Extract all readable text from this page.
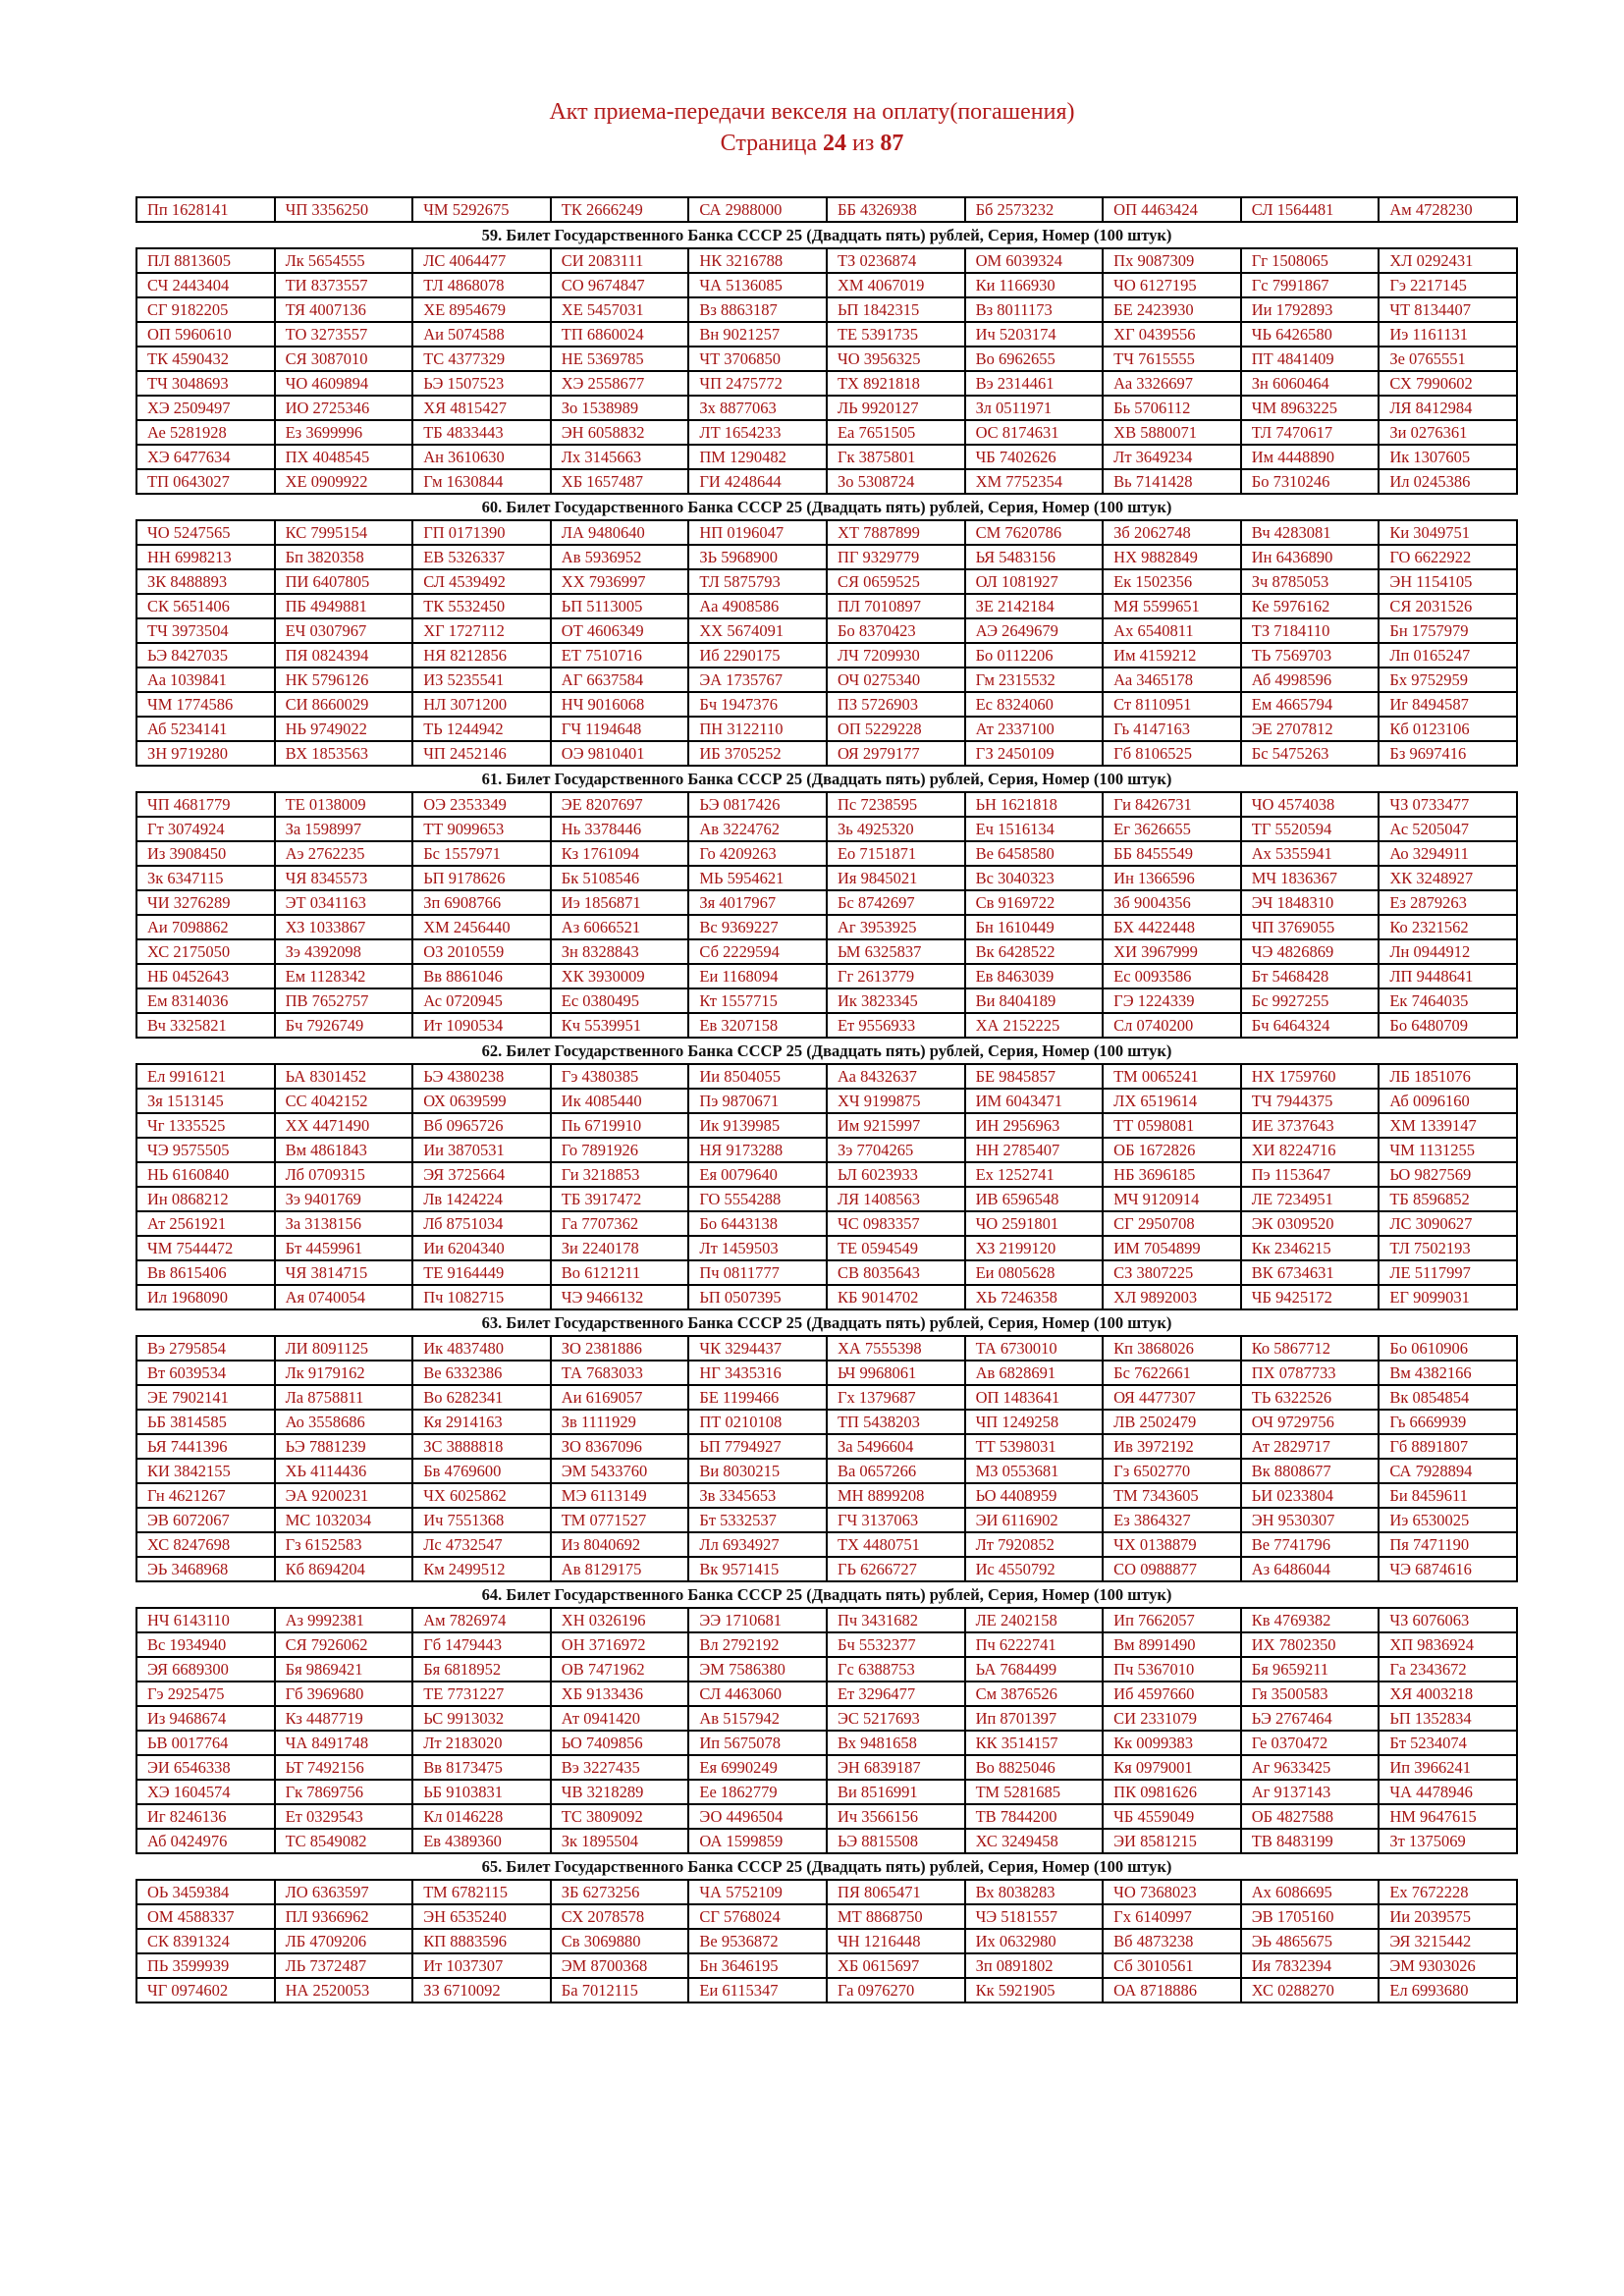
Акт приема-передачи векселя на оплату(погашения)
Страница 24 из 87
Пп 1628141	ЧП 3356250	ЧМ 5292675	ТК 2666249	СА 2988000	ББ 4326938	Бб 2573232	ОП 4463424	СЛ 1564481	Ам 4728230
59. Билет Государственного Банка СССР 25 (Двадцать пять) рублей, Серия, Номер (100 штук)
ПЛ 8813605	Лк 5654555	ЛС 4064477	СИ 2083111	НК 3216788	ТЗ 0236874	ОМ 6039324	Пх 9087309	Гг 1508065	ХЛ 0292431
СЧ 2443404	ТИ 8373557	ТЛ 4868078	СО 9674847	ЧА 5136085	ХМ 4067019	Ки 1166930	ЧО 6127195	Гс 7991867	Гэ 2217145
СГ 9182205	ТЯ 4007136	ХЕ 8954679	ХЕ 5457031	Вз 8863187	ЬП 1842315	Вз 8011173	БЕ 2423930	Ии 1792893	ЧТ 8134407
ОП 5960610	ТО 3273557	Аи 5074588	ТП 6860024	Вн 9021257	ТЕ 5391735	Ич 5203174	ХГ 0439556	ЧЬ 6426580	Иэ 1161131
ТК 4590432	СЯ 3087010	ТС 4377329	НЕ 5369785	ЧТ 3706850	ЧО 3956325	Во 6962655	ТЧ 7615555	ПТ 4841409	Зе 0765551
ТЧ 3048693	ЧО 4609894	ЬЭ 1507523	ХЭ 2558677	ЧП 2475772	ТХ 8921818	Вэ 2314461	Аа 3326697	Зн 6060464	СХ 7990602
ХЭ 2509497	ИО 2725346	ХЯ 4815427	Зо 1538989	Зх 8877063	ЛЬ 9920127	Зл 0511971	Бь 5706112	ЧМ 8963225	ЛЯ 8412984
Ае 5281928	Ез 3699996	ТБ 4833443	ЭН 6058832	ЛТ 1654233	Еа 7651505	ОС 8174631	ХВ 5880071	ТЛ 7470617	Зи 0276361
ХЭ 6477634	ПХ 4048545	Ан 3610630	Лх 3145663	ПМ 1290482	Гк 3875801	ЧБ 7402626	Лт 3649234	Им 4448890	Ик 1307605
ТП 0643027	ХЕ 0909922	Гм 1630844	ХБ 1657487	ГИ 4248644	Зо 5308724	ХМ 7752354	Вь 7141428	Бо 7310246	Ил 0245386
60. Билет Государственного Банка СССР 25 (Двадцать пять) рублей, Серия, Номер (100 штук)
ЧО 5247565	КС 7995154	ГП 0171390	ЛА 9480640	НП 0196047	ХТ 7887899	СМ 7620786	Зб 2062748	Вч 4283081	Ки 3049751
НН 6998213	Бп 3820358	ЕВ 5326337	Ав 5936952	ЗЬ 5968900	ПГ 9329779	ЬЯ 5483156	НХ 9882849	Ин 6436890	ГО 6622922
ЗК 8488893	ПИ 6407805	СЛ 4539492	ХХ 7936997	ТЛ 5875793	СЯ 0659525	ОЛ 1081927	Ек 1502356	Зч 8785053	ЭН 1154105
СК 5651406	ПБ 4949881	ТК 5532450	ЬП 5113005	Аа 4908586	ПЛ 7010897	ЗЕ 2142184	МЯ 5599651	Ке 5976162	СЯ 2031526
ТЧ 3973504	ЕЧ 0307967	ХГ 1727112	ОТ 4606349	ХХ 5674091	Бо 8370423	АЭ 2649679	Ах 6540811	ТЗ 7184110	Бн 1757979
ЬЭ 8427035	ПЯ 0824394	НЯ 8212856	ЕТ 7510716	Иб 2290175	ЛЧ 7209930	Бо 0112206	Им 4159212	ТЬ 7569703	Лп 0165247
Аа 1039841	НК 5796126	ИЗ 5235541	АГ 6637584	ЭА 1735767	ОЧ 0275340	Гм 2315532	Аа 3465178	Аб 4998596	Бх 9752959
ЧМ 1774586	СИ 8660029	НЛ 3071200	НЧ 9016068	Бч 1947376	ПЗ 5726903	Ес 8324060	Ст 8110951	Ем 4665794	Иг 8494587
Аб 5234141	НЬ 9749022	ТЬ 1244942	ГЧ 1194648	ПН 3122110	ОП 5229228	Ат 2337100	Гь 4147163	ЭЕ 2707812	Кб 0123106
ЗН 9719280	ВХ 1853563	ЧП 2452146	ОЭ 9810401	ИБ 3705252	ОЯ 2979177	ГЗ 2450109	Гб 8106525	Бс 5475263	Бз 9697416
61. Билет Государственного Банка СССР 25 (Двадцать пять) рублей, Серия, Номер (100 штук)
ЧП 4681779	ТЕ 0138009	ОЭ 2353349	ЭЕ 8207697	ЬЭ 0817426	Пс 7238595	ЬН 1621818	Ги 8426731	ЧО 4574038	ЧЗ 0733477
Гт 3074924	За 1598997	ТТ 9099653	Нь 3378446	Ав 3224762	Зь 4925320	Еч 1516134	Ег 3626655	ТГ 5520594	Ас 5205047
Из 3908450	Аэ 2762235	Бс 1557971	Кз 1761094	Го 4209263	Ео 7151871	Ве 6458580	ББ 8455549	Ах 5355941	Ао 3294911
Зк 6347115	ЧЯ 8345573	ЬП 9178626	Бк 5108546	МЬ 5954621	Ия 9845021	Вс 3040323	Ин 1366596	МЧ 1836367	ХК 3248927
ЧИ 3276289	ЭТ 0341163	Зп 6908766	Иэ 1856871	Зя 4017967	Бс 8742697	Св 9169722	Зб 9004356	ЭЧ 1848310	Ез 2879263
Аи 7098862	ХЗ 1033867	ХМ 2456440	Аз 6066521	Вс 9369227	Аг 3953925	Бн 1610449	БХ 4422448	ЧП 3769055	Ко 2321562
ХС 2175050	Зэ 4392098	ОЗ 2010559	Зн 8328843	Сб 2229594	ЬМ 6325837	Вк 6428522	ХИ 3967999	ЧЭ 4826869	Лн 0944912
НБ 0452643	Ем 1128342	Вв 8861046	ХК 3930009	Еи 1168094	Гг 2613779	Ев 8463039	Ес 0093586	Бт 5468428	ЛП 9448641
Ем 8314036	ПВ 7652757	Ас 0720945	Ес 0380495	Кт 1557715	Ик 3823345	Ви 8404189	ГЭ 1224339	Бс 9927255	Ек 7464035
Вч 3325821	Бч 7926749	Ит 1090534	Кч 5539951	Ев 3207158	Ет 9556933	ХА 2152225	Сл 0740200	Бч 6464324	Бо 6480709
62. Билет Государственного Банка СССР 25 (Двадцать пять) рублей, Серия, Номер (100 штук)
Ел 9916121	ЬА 8301452	ЬЭ 4380238	Гэ 4380385	Ии 8504055	Аа 8432637	БЕ 9845857	ТМ 0065241	НХ 1759760	ЛБ 1851076
Зя 1513145	СС 4042152	ОХ 0639599	Ик 4085440	Пэ 9870671	ХЧ 9199875	ИМ 6043471	ЛХ 6519614	ТЧ 7944375	Аб 0096160
Чг 1335525	ХХ 4471490	Вб 0965726	Пь 6719910	Ик 9139985	Им 9215997	ИН 2956963	ТТ 0598081	ИЕ 3737643	ХМ 1339147
ЧЭ 9575505	Вм 4861843	Ии 3870531	Го 7891926	НЯ 9173288	Зэ 7704265	НН 2785407	ОБ 1672826	ХИ 8224716	ЧМ 1131255
НЬ 6160840	Лб 0709315	ЭЯ 3725664	Ги 3218853	Ея 0079640	ЬЛ 6023933	Ех 1252741	НБ 3696185	Пэ 1153647	ЬО 9827569
Ин 0868212	Зэ 9401769	Лв 1424224	ТБ 3917472	ГО 5554288	ЛЯ 1408563	ИВ 6596548	МЧ 9120914	ЛЕ 7234951	ТБ 8596852
Ат 2561921	За 3138156	Лб 8751034	Га 7707362	Бо 6443138	ЧС 0983357	ЧО 2591801	СГ 2950708	ЭК 0309520	ЛС 3090627
ЧМ 7544472	Бт 4459961	Ии 6204340	Зи 2240178	Лт 1459503	ТЕ 0594549	ХЗ 2199120	ИМ 7054899	Кк 2346215	ТЛ 7502193
Вв 8615406	ЧЯ 3814715	ТЕ 9164449	Во 6121211	Пч 0811777	СВ 8035643	Еи 0805628	СЗ 3807225	ВК 6734631	ЛЕ 5117997
Ил 1968090	Ая 0740054	Пч 1082715	ЧЭ 9466132	ЬП 0507395	КБ 9014702	ХЬ 7246358	ХЛ 9892003	ЧБ 9425172	ЕГ 9099031
63. Билет Государственного Банка СССР 25 (Двадцать пять) рублей, Серия, Номер (100 штук)
Вэ 2795854	ЛИ 8091125	Ик 4837480	ЗО 2381886	ЧК 3294437	ХА 7555398	ТА 6730010	Кп 3868026	Ко 5867712	Бо 0610906
Вт 6039534	Лк 9179162	Ве 6332386	ТА 7683033	НГ 3435316	ЬЧ 9968061	Ав 6828691	Бс 7622661	ПХ 0787733	Вм 4382166
ЭЕ 7902141	Ла 8758811	Во 6282341	Аи 6169057	БЕ 1199466	Гх 1379687	ОП 1483641	ОЯ 4477307	ТЬ 6322526	Вк 0854854
ЬБ 3814585	Ао 3558686	Кя 2914163	Зв 1111929	ПТ 0210108	ТП 5438203	ЧП 1249258	ЛВ 2502479	ОЧ 9729756	Гь 6669939
ЬЯ 7441396	ЬЭ 7881239	ЗС 3888818	ЗО 8367096	ЬП 7794927	За 5496604	ТТ 5398031	Ив 3972192	Ат 2829717	Гб 8891807
КИ 3842155	ХЬ 4114436	Бв 4769600	ЭМ 5433760	Ви 8030215	Ва 0657266	МЗ 0553681	Гз 6502770	Вк 8808677	СА 7928894
Гн 4621267	ЭА 9200231	ЧХ 6025862	МЭ 6113149	Зв 3345653	МН 8899208	ЬО 4408959	ТМ 7343605	ЬИ 0233804	Би 8459611
ЭВ 6072067	МС 1032034	Ич 7551368	ТМ 0771527	Бт 5332537	ГЧ 3137063	ЭИ 6116902	Ез 3864327	ЭН 9530307	Иэ 6530025
ХС 8247698	Гз 6152583	Лс 4732547	Из 8040692	Лл 6934927	ТХ 4480751	Лт 7920852	ЧХ 0138879	Ве 7741796	Пя 7471190
ЭЬ 3468968	Кб 8694204	Км 2499512	Ав 8129175	Вк 9571415	ГЬ 6266727	Ис 4550792	СО 0988877	Аз 6486044	ЧЭ 6874616
64. Билет Государственного Банка СССР 25 (Двадцать пять) рублей, Серия, Номер (100 штук)
НЧ 6143110	Аз 9992381	Ам 7826974	ХН 0326196	ЭЭ 1710681	Пч 3431682	ЛЕ 2402158	Ип 7662057	Кв 4769382	ЧЗ 6076063
Вс 1934940	СЯ 7926062	Гб 1479443	ОН 3716972	Вл 2792192	Бч 5532377	Пч 6222741	Вм 8991490	ИХ 7802350	ХП 9836924
ЭЯ 6689300	Бя 9869421	Бя 6818952	ОВ 7471962	ЭМ 7586380	Гс 6388753	ЬА 7684499	Пч 5367010	Бя 9659211	Га 2343672
Гэ 2925475	Гб 3969680	ТЕ 7731227	ХБ 9133436	СЛ 4463060	Ет 3296477	См 3876526	Иб 4597660	Гя 3500583	ХЯ 4003218
Из 9468674	Кз 4487719	ЬС 9913032	Ат 0941420	Ав 5157942	ЭС 5217693	Ип 8701397	СИ 2331079	ЬЭ 2767464	ЬП 1352834
ЬВ 0017764	ЧА 8491748	Лт 2183020	ЬО 7409856	Ип 5675078	Вх 9481658	КК 3514157	Кк 0099383	Ге 0370472	Бт 5234074
ЭИ 6546338	ЬТ 7492156	Вв 8173475	Вэ 3227435	Ея 6990249	ЭН 6839187	Во 8825046	Кя 0979001	Аг 9633425	Ип 3966241
ХЭ 1604574	Гк 7869756	ЬБ 9103831	ЧВ 3218289	Ее 1862779	Ви 8516991	ТМ 5281685	ПК 0981626	Аг 9137143	ЧА 4478946
Иг 8246136	Ет 0329543	Кл 0146228	ТС 3809092	ЭО 4496504	Ич 3566156	ТВ 7844200	ЧБ 4559049	ОБ 4827588	НМ 9647615
Аб 0424976	ТС 8549082	Ев 4389360	Зк 1895504	ОА 1599859	ЬЭ 8815508	ХС 3249458	ЭИ 8581215	ТВ 8483199	Зт 1375069
65. Билет Государственного Банка СССР 25 (Двадцать пять) рублей, Серия, Номер (100 штук)
ОЬ 3459384	ЛО 6363597	ТМ 6782115	ЗБ 6273256	ЧА 5752109	ПЯ 8065471	Вх 8038283	ЧО 7368023	Ах 6086695	Ех 7672228
ОМ 4588337	ПЛ 9366962	ЭН 6535240	СХ 2078578	СГ 5768024	МТ 8868750	ЧЭ 5181557	Гх 6140997	ЭВ 1705160	Ии 2039575
СК 8391324	ЛБ 4709206	КП 8883596	Св 3069880	Ве 9536872	ЧН 1216448	Их 0632980	Вб 4873238	ЭЬ 4865675	ЭЯ 3215442
ПЬ 3599939	ЛЬ 7372487	Ит 1037307	ЭМ 8700368	Бн 3646195	ХБ 0615697	Зп 0891802	Сб 3010561	Ия 7832394	ЭМ 9303026
ЧГ 0974602	НА 2520053	ЗЗ 6710092	Ба 7012115	Еи 6115347	Га 0976270	Кк 5921905	ОА 8718886	ХС 0288270	Ел 6993680
